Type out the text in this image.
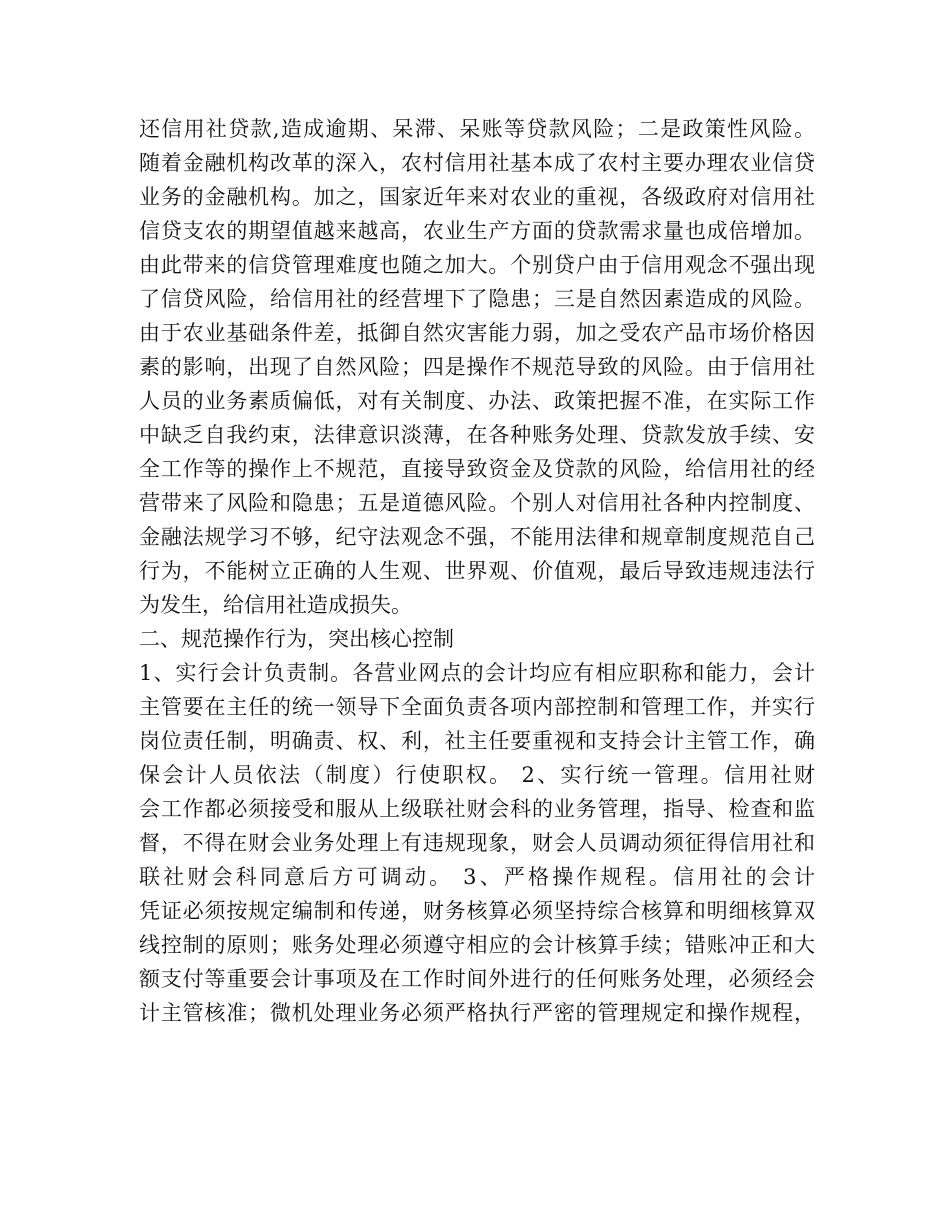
还信用社贷款,造成逾期、呆滞、呆账等贷款风险；二是政策性风险。
随着金融机构改革的深入，农村信用社基本成了农村主要办理农业信贷
业务的金融机构。加之，国家近年来对农业的重视，各级政府对信用社
信贷支农的期望值越来越高，农业生产方面的贷款需求量也成倍增加。
由此带来的信贷管理难度也随之加大。个别贷户由于信用观念不强出现
了信贷风险，给信用社的经营埋下了隐患；三是自然因素造成的风险。
由于农业基础条件差，抵御自然灾害能力弱，加之受农产品市场价格因
素的影响，出现了自然风险；四是操作不规范导致的风险。由于信用社
人员的业务素质偏低，对有关制度、办法、政策把握不准，在实际工作
中缺乏自我约束，法律意识淡薄，在各种账务处理、贷款发放手续、安
全工作等的操作上不规范，直接导致资金及贷款的风险，给信用社的经
营带来了风险和隐患；五是道德风险。个别人对信用社各种内控制度、
金融法规学习不够，纪守法观念不强，不能用法律和规章制度规范自己
行为，不能树立正确的人生观、世界观、价值观，最后导致违规违法行
为发生，给信用社造成损失。
二、规范操作行为，突出核心控制
1、实行会计负责制。各营业网点的会计均应有相应职称和能力，会计
主管要在主任的统一领导下全面负责各项内部控制和管理工作，并实行
岗位责任制，明确责、权、利，社主任要重视和支持会计主管工作，确
保会计人员依法（制度）行使职权。 2、实行统一管理。信用社财
会工作都必须接受和服从上级联社财会科的业务管理，指导、检查和监
督，不得在财会业务处理上有违规现象，财会人员调动须征得信用社和
联社财会科同意后方可调动。 3、严格操作规程。信用社的会计
凭证必须按规定编制和传递，财务核算必须坚持综合核算和明细核算双
线控制的原则；账务处理必须遵守相应的会计核算手续；错账冲正和大
额支付等重要会计事项及在工作时间外进行的任何账务处理，必须经会
计主管核准；微机处理业务必须严格执行严密的管理规定和操作规程，
